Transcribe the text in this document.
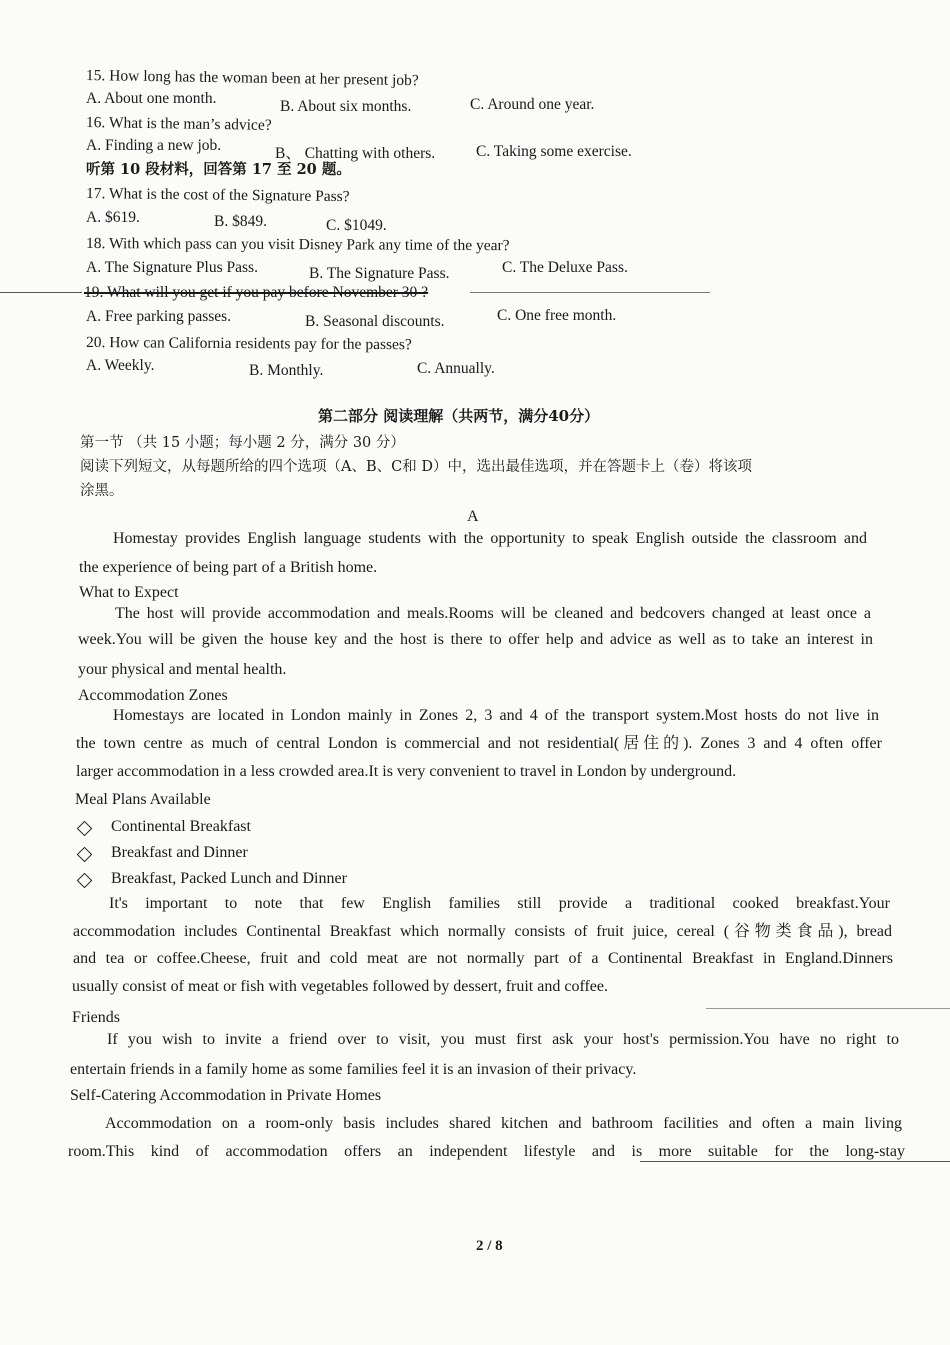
15. How long has the woman been at her present job?
A. About one month.	B. About six months.	C. Around one year.
16. What is the man’s advice?
A. Finding a new job.	B、 Chatting with others.	C. Taking some exercise.
听第 10 段材料，回答第 17 至 20 题。
17. What is the cost of the Signature Pass?
A. $619.	B. $849.	C. $1049.
18. With which pass can you visit Disney Park any time of the year?
A. The Signature Plus Pass.	B. The Signature Pass.	C. The Deluxe Pass.
19. What will you get if you pay before November 30 ?
A. Free parking passes.	B. Seasonal discounts.	C. One free month.
20. How can California residents pay for the passes?
A. Weekly.	B. Monthly.	C. Annually.
第二部分 阅读理解（共两节，满分40分）
第一节 （共 15 小题；每小题 2 分，满分 30 分）
阅读下列短文，从每题所给的四个选项（A、B、C和 D）中，选出最佳选项，并在答题卡上（卷）将该项
涂黑。
A
Homestay provides English language students with the opportunity to speak English outside the classroom and
the experience of being part of a British home.
What to Expect
The host will provide accommodation and meals.Rooms will be cleaned and bedcovers changed at least once a
week.You will be given the house key and the host is there to offer help and advice as well as to take an interest in
your physical and mental health.
Accommodation Zones
Homestays are located in London mainly in Zones 2, 3 and 4 of the transport system.Most hosts do not live in
the town centre as much of central London is commercial and not residential(居住的). Zones 3 and 4 often offer
larger accommodation in a less crowded area.It is very convenient to travel in London by underground.
Meal Plans Available
Continental Breakfast
Breakfast and Dinner
Breakfast, Packed Lunch and Dinner
It's important to note that few English families still provide a traditional cooked breakfast.Your
accommodation includes Continental Breakfast which normally consists of fruit juice, cereal (谷物类食品), bread
and tea or coffee.Cheese, fruit and cold meat are not normally part of a Continental Breakfast in England.Dinners
usually consist of meat or fish with vegetables followed by dessert, fruit and coffee.
Friends
If you wish to invite a friend over to visit, you must first ask your host's permission.You have no right to
entertain friends in a family home as some families feel it is an invasion of their privacy.
Self-Catering Accommodation in Private Homes
Accommodation on a room-only basis includes shared kitchen and bathroom facilities and often a main living
room.This kind of accommodation offers an independent lifestyle and is more suitable for the long-stay
2 / 8
